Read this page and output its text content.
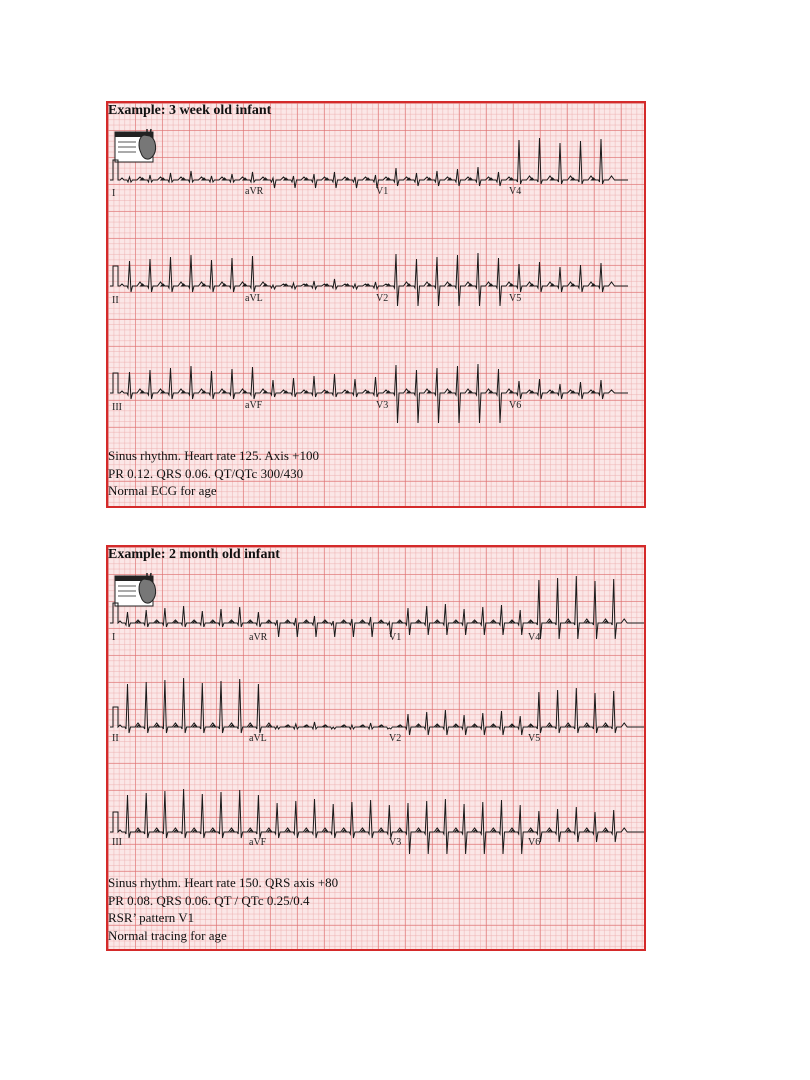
Example: 3 week old infant
I	aVR	V1	V4
II	aVL	V2	V5
III	aVF	V3	V6
Sinus rhythm. Heart rate 125. Axis +100
PR 0.12. QRS 0.06. QT/QTc 300/430
Normal ECG for age
Example: 2 month old infant
I	aVR	V1	V4
II	aVL	V2	V5
III	aVF	V3	V6
Sinus rhythm. Heart rate 150. QRS axis +80
PR 0.08. QRS 0.06. QT / QTc 0.25/0.4
RSR’ pattern V1
Normal tracing for age
